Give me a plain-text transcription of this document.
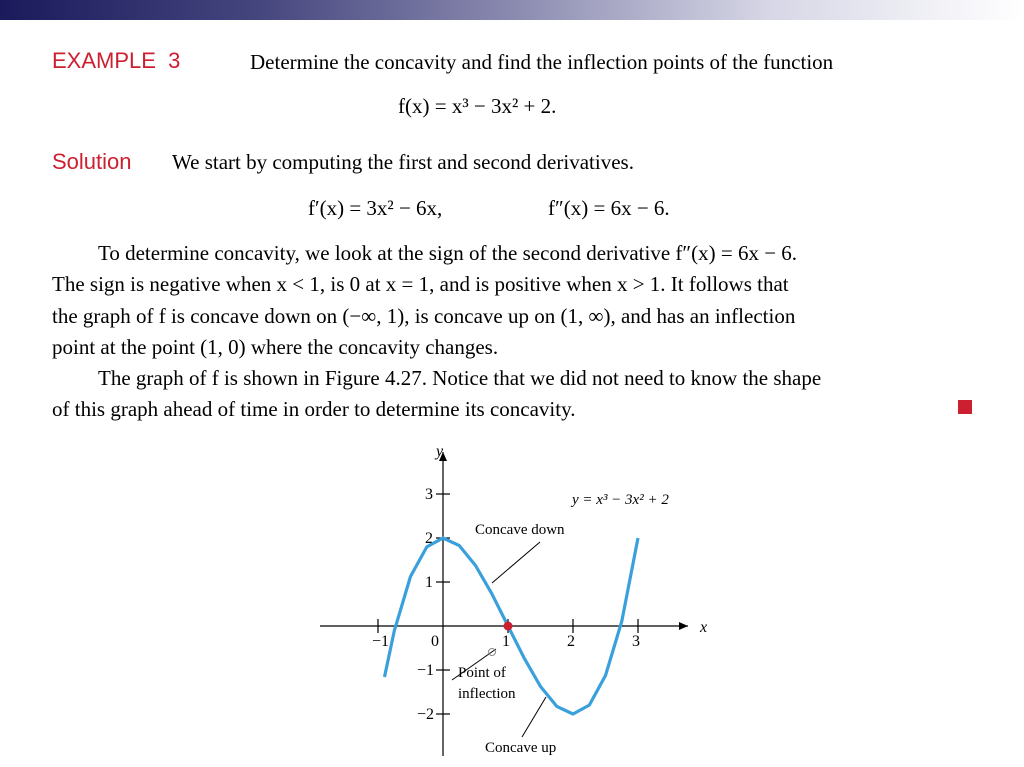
EXAMPLE 3	Determine the concavity and find the inflection points of the function
f(x) = x³ − 3x² + 2.
Solution We start by computing the first and second derivatives.
f′(x) = 3x² − 6x,	f″(x) = 6x − 6.
To determine concavity, we look at the sign of the second derivative f″(x) = 6x − 6.
The sign is negative when x < 1, is 0 at x = 1, and is positive when x > 1. It follows that
the graph of f is concave down on (−∞, 1), is concave up on (1, ∞), and has an inflection
point at the point (1, 0) where the concavity changes.
The graph of f is shown in Figure 4.27. Notice that we did not need to know the shape
of this graph ahead of time in order to determine its concavity.
−1	0	1	2	3
3
2
1
−1
−2
x
y
y = x³ − 3x² + 2
Concave down
Point of
inflection
Concave up
